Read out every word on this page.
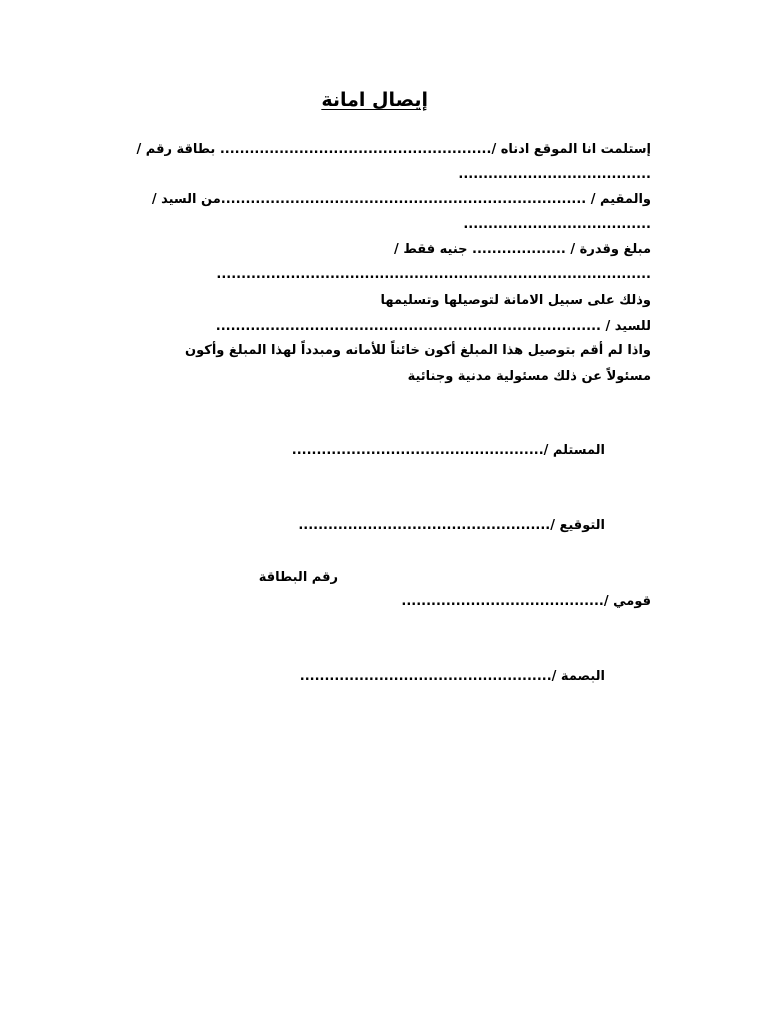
إيصال امانة
إستلمت انا الموقع ادناه /....................................................... بطاقة رقم /
.......................................
والمقيم / ..........................................................................من السيد /
......................................
مبلغ وقدرة / ................... جنيه فقط /
........................................................................................
وذلك على سبيل الامانة لتوصيلها وتسليمها
للسيد / ..............................................................................
واذا لم أقم بتوصيل هذا المبلغ أكون خائناً للأمانه ومبدداً لهذا المبلغ وأكون
مسئولاً عن ذلك مسئولية مدنية وجنائية
المستلم /...................................................
التوقيع /...................................................
رقم البطاقة
قومي /.........................................
البصمة /...................................................
